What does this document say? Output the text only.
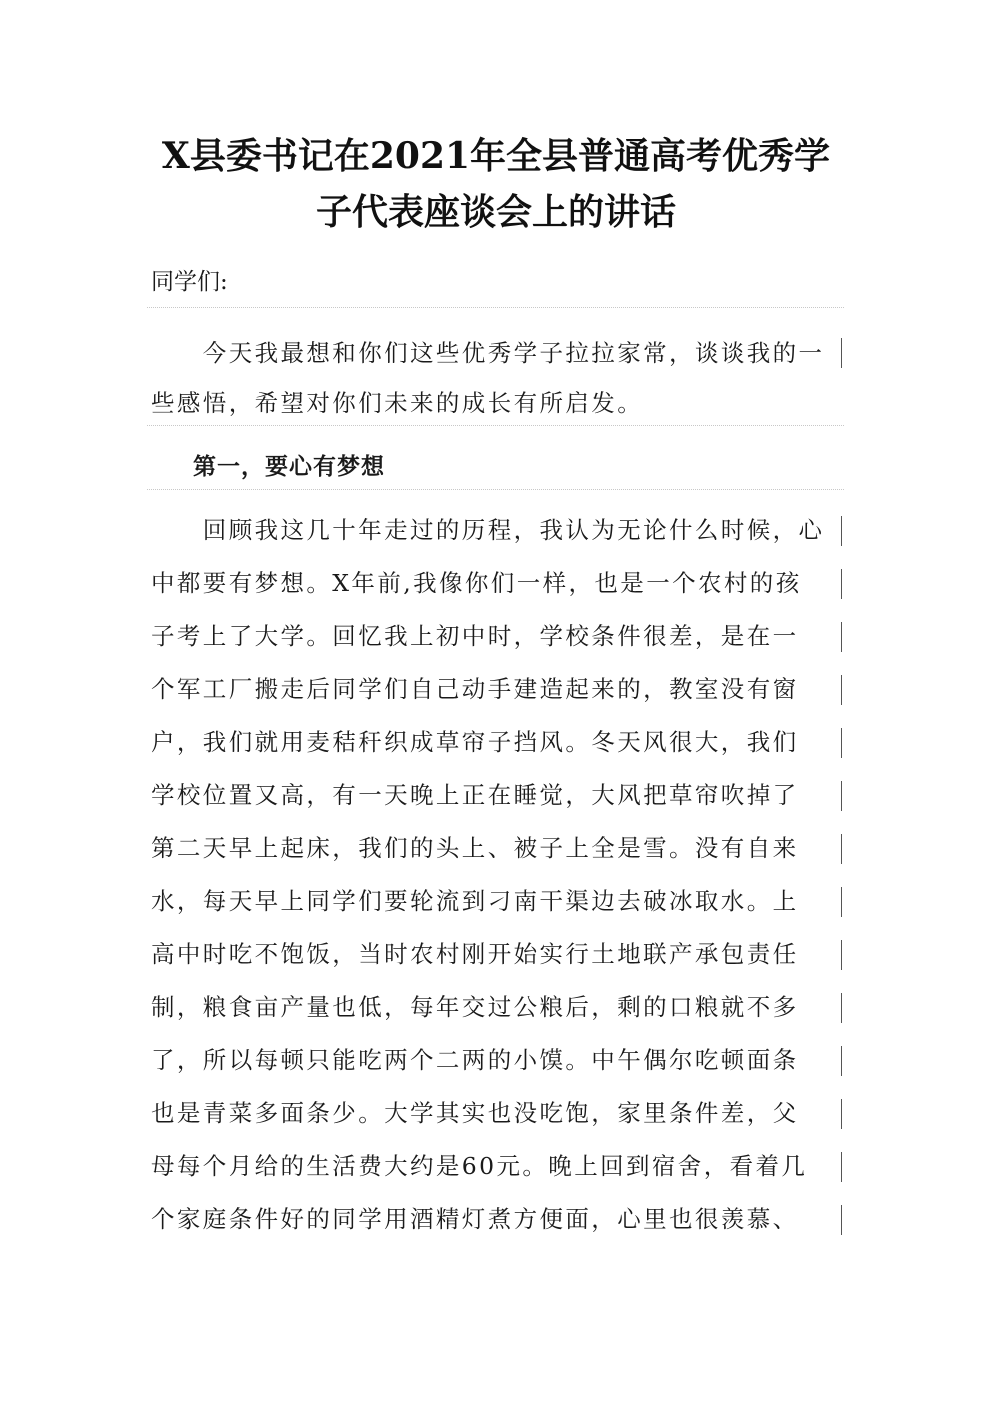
X县委书记在2021年全县普通高考优秀学
子代表座谈会上的讲话
同学们:
　　今天我最想和你们这些优秀学子拉拉家常，谈谈我的一
些感悟，希望对你们未来的成长有所启发。
第一，要心有梦想
　　回顾我这几十年走过的历程，我认为无论什么时候，心
中都要有梦想。X年前,我像你们一样，也是一个农村的孩
子考上了大学。回忆我上初中时，学校条件很差，是在一
个军工厂搬走后同学们自己动手建造起来的，教室没有窗
户，我们就用麦秸秆织成草帘子挡风。冬天风很大，我们
学校位置又高，有一天晚上正在睡觉，大风把草帘吹掉了
第二天早上起床，我们的头上、被子上全是雪。没有自来
水，每天早上同学们要轮流到刁南干渠边去破冰取水。上
高中时吃不饱饭，当时农村刚开始实行土地联产承包责任
制，粮食亩产量也低，每年交过公粮后，剩的口粮就不多
了，所以每顿只能吃两个二两的小馍。中午偶尔吃顿面条
也是青菜多面条少。大学其实也没吃饱，家里条件差，父
母每个月给的生活费大约是60元。晚上回到宿舍，看着几
个家庭条件好的同学用酒精灯煮方便面，心里也很羡慕、
